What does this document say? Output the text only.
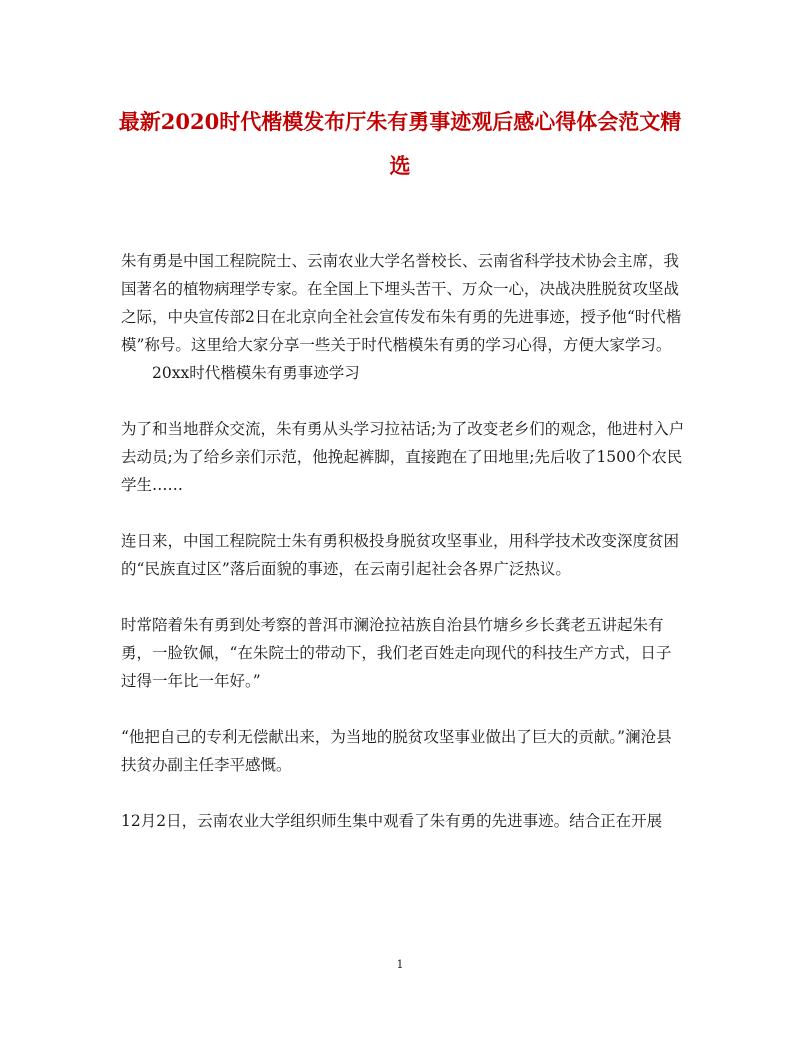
最新2020时代楷模发布厅朱有勇事迹观后感心得体会范文精选

朱有勇是中国工程院院士、云南农业大学名誉校长、云南省科学技术协会主席，我国著名的植物病理学专家。在全国上下埋头苦干、万众一心，决战决胜脱贫攻坚战之际，中央宣传部2日在北京向全社会宣传发布朱有勇的先进事迹，授予他“时代楷模”称号。这里给大家分享一些关于时代楷模朱有勇的学习心得，方便大家学习。

20xx时代楷模朱有勇事迹学习

为了和当地群众交流，朱有勇从头学习拉祜话;为了改变老乡们的观念，他进村入户去动员;为了给乡亲们示范，他挽起裤脚，直接跑在了田地里;先后收了1500个农民学生……

连日来，中国工程院院士朱有勇积极投身脱贫攻坚事业，用科学技术改变深度贫困的“民族直过区”落后面貌的事迹，在云南引起社会各界广泛热议。

时常陪着朱有勇到处考察的普洱市澜沧拉祜族自治县竹塘乡乡长龚老五讲起朱有勇，一脸钦佩，“在朱院士的带动下，我们老百姓走向现代的科技生产方式，日子过得一年比一年好。”

“他把自己的专利无偿献出来，为当地的脱贫攻坚事业做出了巨大的贡献。”澜沧县扶贫办副主任李平感慨。

12月2日，云南农业大学组织师生集中观看了朱有勇的先进事迹。结合正在开展

1
